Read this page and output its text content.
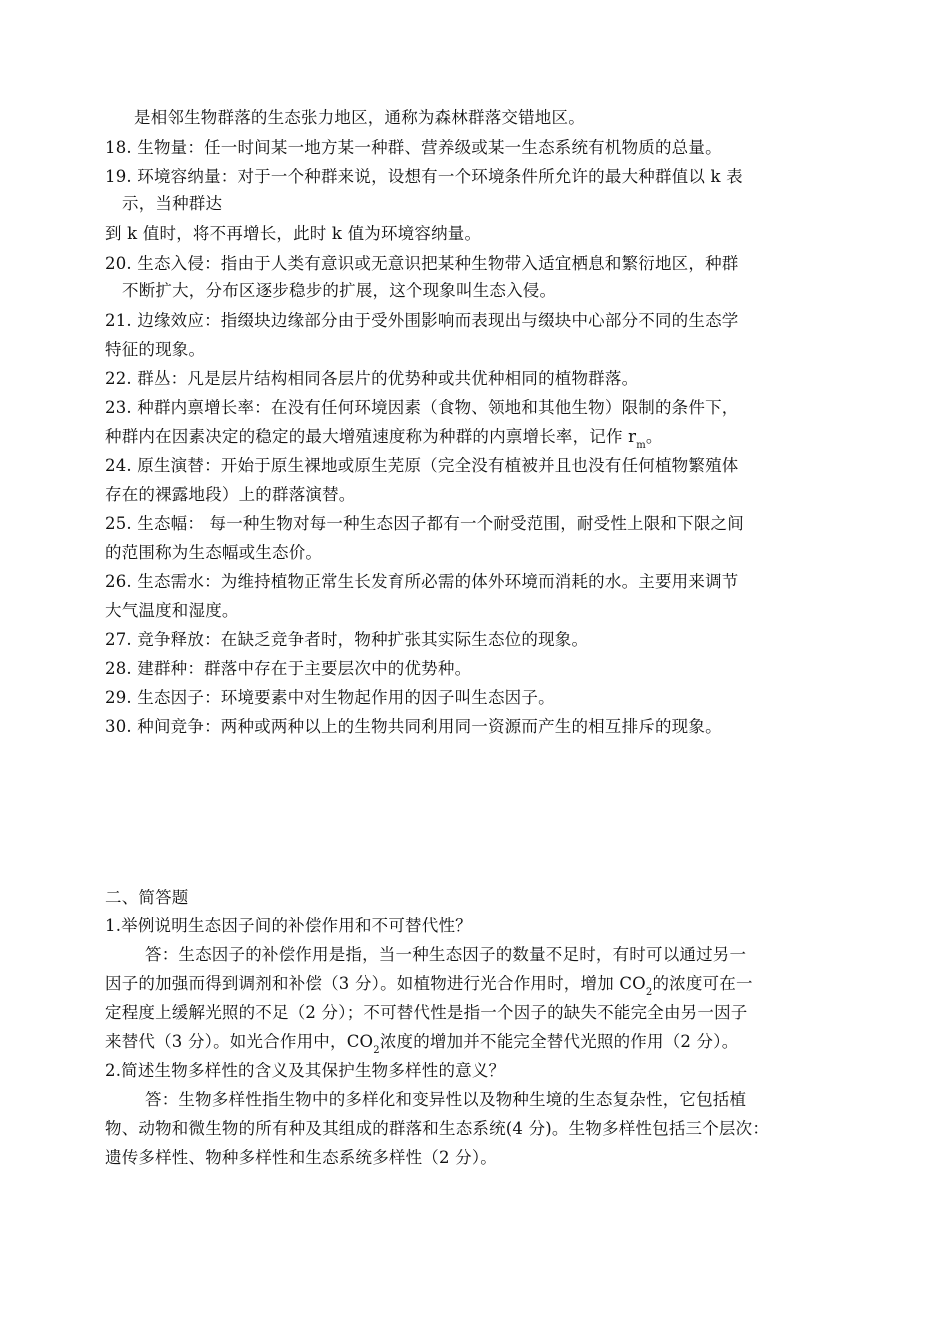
是相邻生物群落的生态张力地区，通称为森林群落交错地区。
18. 生物量：任一时间某一地方某一种群、营养级或某一生态系统有机物质的总量。
19. 环境容纳量：对于一个种群来说，设想有一个环境条件所允许的最大种群值以 k 表
示，当种群达
到 k 值时，将不再增长，此时 k 值为环境容纳量。
20. 生态入侵：指由于人类有意识或无意识把某种生物带入适宜栖息和繁衍地区，种群
不断扩大，分布区逐步稳步的扩展，这个现象叫生态入侵。
21. 边缘效应：指缀块边缘部分由于受外围影响而表现出与缀块中心部分不同的生态学
特征的现象。
22. 群丛：凡是层片结构相同各层片的优势种或共优种相同的植物群落。
23. 种群内禀增长率：在没有任何环境因素（食物、领地和其他生物）限制的条件下，
种群内在因素决定的稳定的最大增殖速度称为种群的内禀增长率，记作 $r_m$。
24. 原生演替：开始于原生裸地或原生芜原（完全没有植被并且也没有任何植物繁殖体
存在的裸露地段）上的群落演替。
25. 生态幅： 每一种生物对每一种生态因子都有一个耐受范围，耐受性上限和下限之间
的范围称为生态幅或生态价。
26. 生态需水：为维持植物正常生长发育所必需的体外环境而消耗的水。主要用来调节
大气温度和湿度。
27. 竞争释放：在缺乏竞争者时，物种扩张其实际生态位的现象。
28. 建群种：群落中存在于主要层次中的优势种。
29. 生态因子：环境要素中对生物起作用的因子叫生态因子。
30. 种间竞争：两种或两种以上的生物共同利用同一资源而产生的相互排斥的现象。
二、简答题
1.举例说明生态因子间的补偿作用和不可替代性？
答：生态因子的补偿作用是指，当一种生态因子的数量不足时，有时可以通过另一
因子的加强而得到调剂和补偿（3 分）。如植物进行光合作用时，增加 $CO_2$的浓度可在一
定程度上缓解光照的不足（2 分）；不可替代性是指一个因子的缺失不能完全由另一因子
来替代（3 分）。如光合作用中，$CO_2$浓度的增加并不能完全替代光照的作用（2 分）。
2.简述生物多样性的含义及其保护生物多样性的意义？
答：生物多样性指生物中的多样化和变异性以及物种生境的生态复杂性，它包括植
物、动物和微生物的所有种及其组成的群落和生态系统(4 分)。生物多样性包括三个层次：
遗传多样性、物种多样性和生态系统多样性（2 分）。
